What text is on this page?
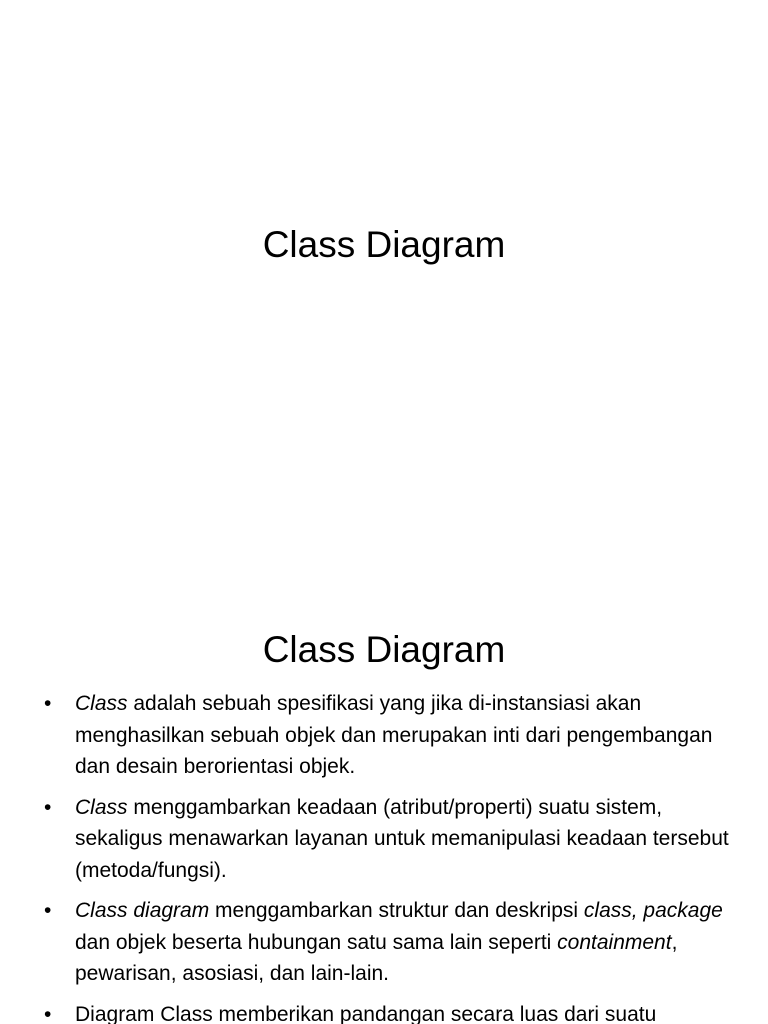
Class Diagram
Class Diagram
•	Class adalah sebuah spesifikasi yang jika di-instansiasi akan menghasilkan sebuah objek dan merupakan inti dari pengembangan dan desain berorientasi objek.
•	Class menggambarkan keadaan (atribut/properti) suatu sistem, sekaligus menawarkan layanan untuk memanipulasi keadaan tersebut (metoda/fungsi).
•	Class diagram menggambarkan struktur dan deskripsi class, package dan objek beserta hubungan satu sama lain seperti containment, pewarisan, asosiasi, dan lain-lain.
•	Diagram Class memberikan pandangan secara luas dari suatu
